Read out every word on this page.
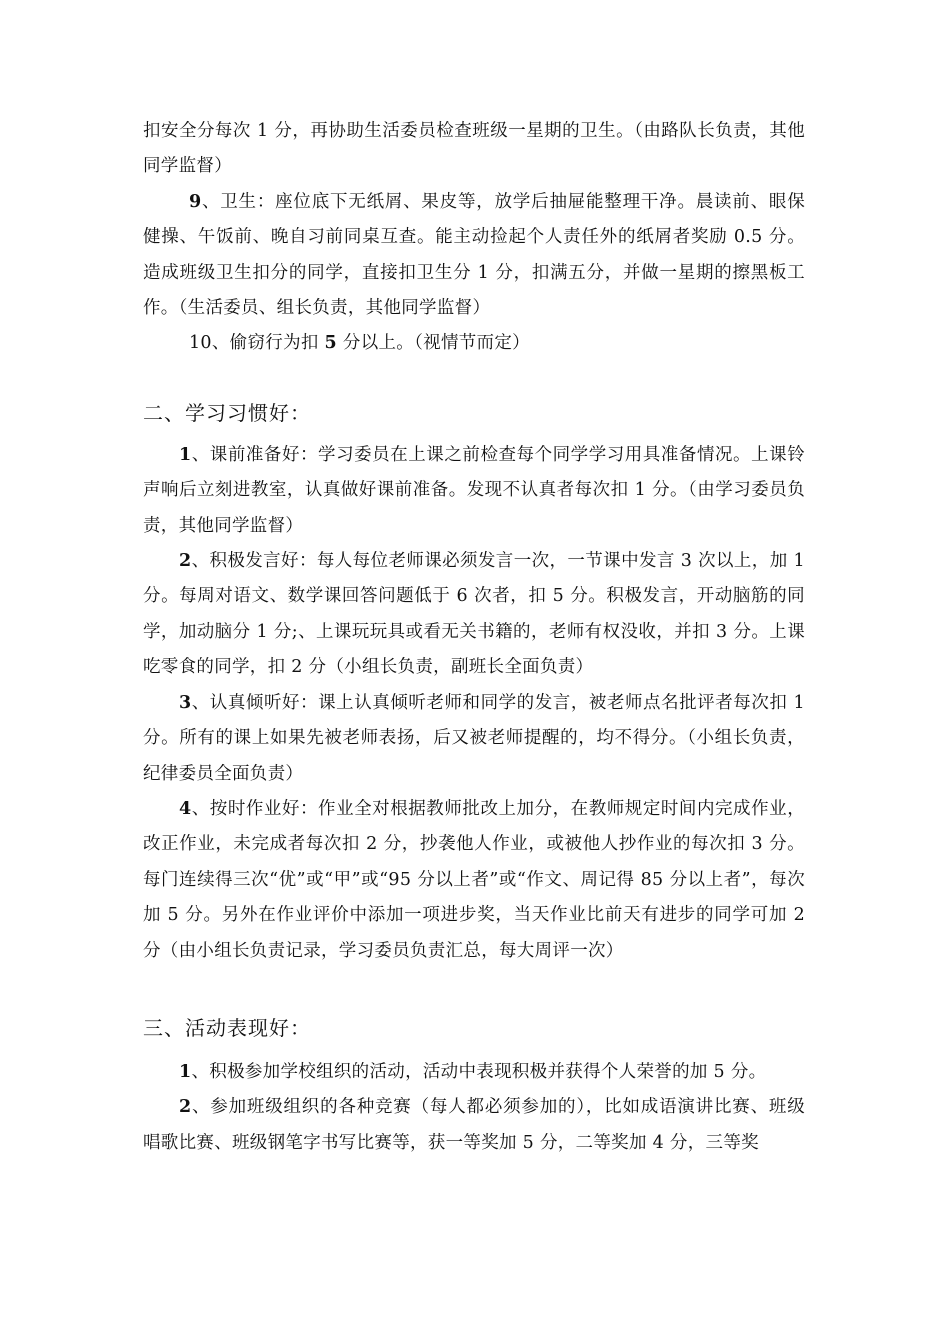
扣安全分每次 1 分，再协助生活委员检查班级一星期的卫生。（由路队长负责，其他同学监督）

9、卫生：座位底下无纸屑、果皮等，放学后抽屉能整理干净。晨读前、眼保健操、午饭前、晚自习前同桌互查。能主动捡起个人责任外的纸屑者奖励 0.5 分。造成班级卫生扣分的同学，直接扣卫生分 1 分，扣满五分，并做一星期的擦黑板工作。（生活委员、组长负责，其他同学监督）

10、偷窃行为扣 5 分以上。（视情节而定）

二、学习习惯好：

1、课前准备好：学习委员在上课之前检查每个同学学习用具准备情况。上课铃声响后立刻进教室，认真做好课前准备。发现不认真者每次扣 1 分。（由学习委员负责，其他同学监督）

2、积极发言好：每人每位老师课必须发言一次，一节课中发言 3 次以上，加 1 分。每周对语文、数学课回答问题低于 6 次者，扣 5 分。积极发言，开动脑筋的同学，加动脑分 1 分;、上课玩玩具或看无关书籍的，老师有权没收，并扣 3 分。上课吃零食的同学，扣 2 分（小组长负责，副班长全面负责）

3、认真倾听好：课上认真倾听老师和同学的发言，被老师点名批评者每次扣 1 分。所有的课上如果先被老师表扬，后又被老师提醒的，均不得分。（小组长负责，纪律委员全面负责）

4、按时作业好：作业全对根据教师批改上加分，在教师规定时间内完成作业，改正作业，未完成者每次扣 2 分，抄袭他人作业，或被他人抄作业的每次扣 3 分。每门连续得三次“优”或“甲”或“95 分以上者”或“作文、周记得 85 分以上者”，每次加 5 分。另外在作业评价中添加一项进步奖，当天作业比前天有进步的同学可加 2 分（由小组长负责记录，学习委员负责汇总，每大周评一次）

三、活动表现好：

1、积极参加学校组织的活动，活动中表现积极并获得个人荣誉的加 5 分。

2、参加班级组织的各种竞赛（每人都必须参加的），比如成语演讲比赛、班级唱歌比赛、班级钢笔字书写比赛等，获一等奖加 5 分，二等奖加 4 分，三等奖
